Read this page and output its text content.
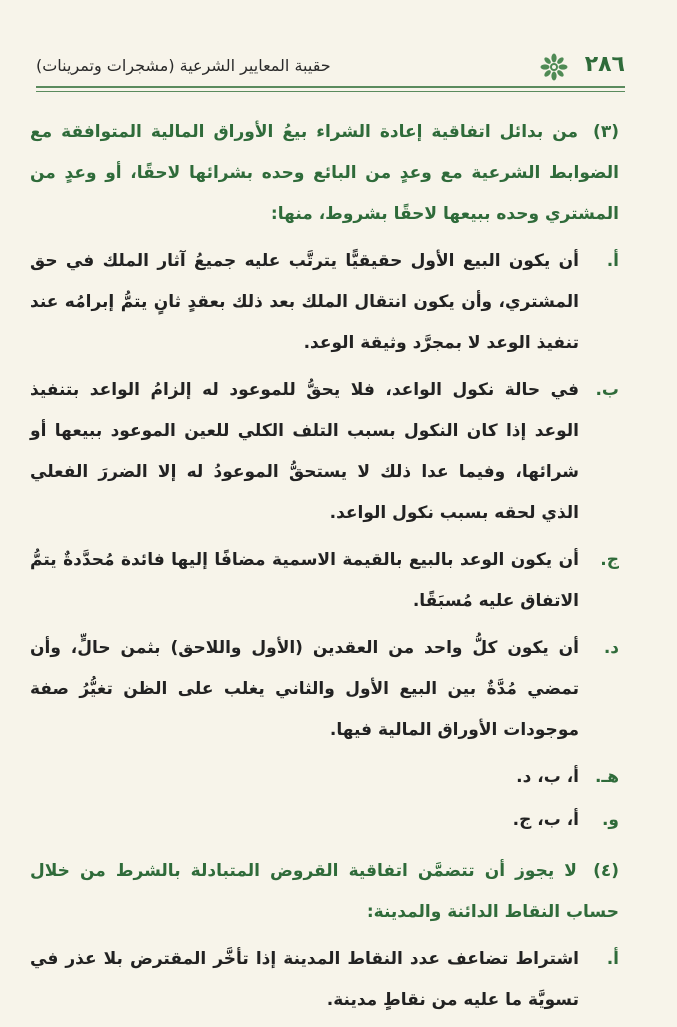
٢٨٦
حقيبة المعايير الشرعية (مشجرات وتمرينات)

(٣) من بدائل اتفاقية إعادة الشراء بيعُ الأوراق المالية المتوافقة مع الضوابط الشرعية مع وعدٍ من البائع وحده بشرائها لاحقًا، أو وعدٍ من المشتري وحده ببيعها لاحقًا بشروط، منها:

أ.
أن يكون البيع الأول حقيقيًّا يترتَّب عليه جميعُ آثار الملك في حق المشتري، وأن يكون انتقال الملك بعد ذلك بعقدٍ ثانٍ يتمُّ إبرامُه عند تنفيذ الوعد لا بمجرَّد وثيقة الوعد.

ب.
في حالة نكول الواعد، فلا يحقُّ للموعود له إلزامُ الواعد بتنفيذ الوعد إذا كان النكول بسبب التلف الكلي للعين الموعود ببيعها أو شرائها، وفيما عدا ذلك لا يستحقُّ الموعودُ له إلا الضررَ الفعلي الذي لحقه بسبب نكول الواعد.

ج.
أن يكون الوعد بالبيع بالقيمة الاسمية مضافًا إليها فائدة مُحدَّدةٌ يتمُّ الاتفاق عليه مُسبَقًا.

د.
أن يكون كلُّ واحد من العقدين (الأول واللاحق) بثمن حالٍّ، وأن تمضي مُدَّةٌ بين البيع الأول والثاني يغلب على الظن تغيُّرُ صفة موجودات الأوراق المالية فيها.

هـ.
أ، ب، د.

و.
أ، ب، ج.

(٤) لا يجوز أن تتضمَّن اتفاقية القروض المتبادلة بالشرط من خلال حساب النقاط الدائنة والمدينة:

أ.
اشتراط تضاعف عدد النقاط المدينة إذا تأخَّر المقترض بلا عذر في تسويَّة ما عليه من نقاطٍ مدينة.
